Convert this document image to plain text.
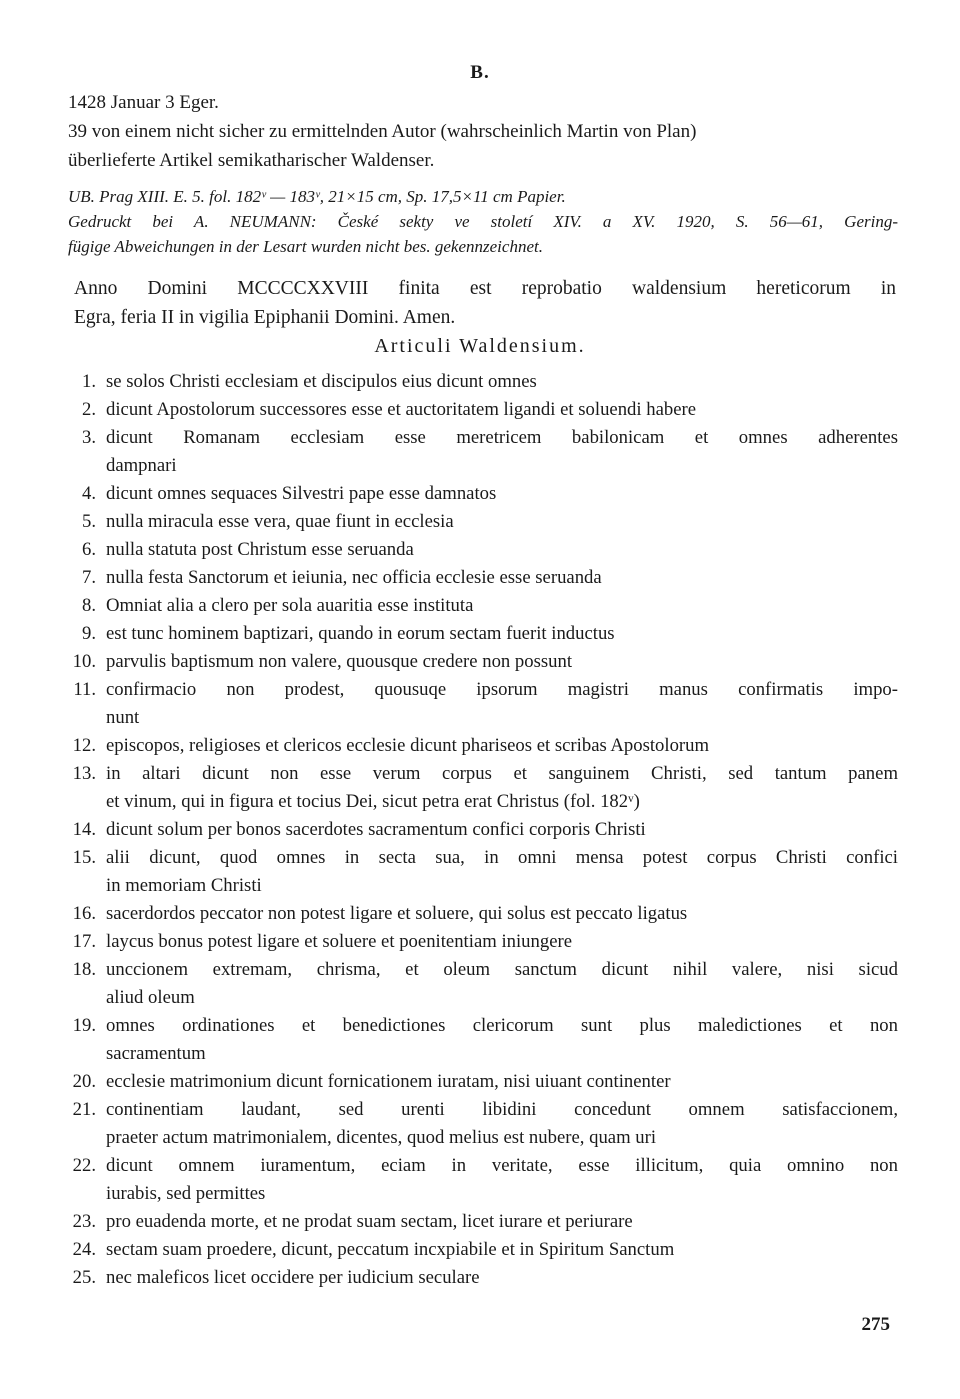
B.
1428 Januar 3 Eger.
39 von einem nicht sicher zu ermittelnden Autor (wahrscheinlich Martin von Plan)
überlieferte Artikel semikatharischer Waldenser.
UB. Prag XIII. E. 5. fol. 182ᵛ — 183ᵛ, 21×15 cm, Sp. 17,5×11 cm Papier.
Gedruckt bei A. NEUMANN: České sekty ve století XIV. a XV. 1920, S. 56—61, Gering-
fügige Abweichungen in der Lesart wurden nicht bes. gekennzeichnet.
Anno Domini MCCCCXXVIII finita est reprobatio waldensium hereticorum in
Egra, feria II in vigilia Epiphanii Domini. Amen.
Articuli Waldensium.
1. se solos Christi ecclesiam et discipulos eius dicunt omnes
2. dicunt Apostolorum successores esse et auctoritatem ligandi et soluendi habere
3. dicunt Romanam ecclesiam esse meretricem babilonicam et omnes adherentes
dampnari
4. dicunt omnes sequaces Silvestri pape esse damnatos
5. nulla miracula esse vera, quae fiunt in ecclesia
6. nulla statuta post Christum esse seruanda
7. nulla festa Sanctorum et ieiunia, nec officia ecclesie esse seruanda
8. Omniat alia a clero per sola auaritia esse instituta
9. est tunc hominem baptizari, quando in eorum sectam fuerit inductus
10. parvulis baptismum non valere, quousque credere non possunt
11. confirmacio non prodest, quousuqe ipsorum magistri manus confirmatis impo-
nunt
12. episcopos, religioses et clericos ecclesie dicunt phariseos et scribas Apostolorum
13. in altari dicunt non esse verum corpus et sanguinem Christi, sed tantum panem
et vinum, qui in figura et tocius Dei, sicut petra erat Christus (fol. 182ᵛ)
14. dicunt solum per bonos sacerdotes sacramentum confici corporis Christi
15. alii dicunt, quod omnes in secta sua, in omni mensa potest corpus Christi confici
in memoriam Christi
16. sacerdordos peccator non potest ligare et soluere, qui solus est peccato ligatus
17. laycus bonus potest ligare et soluere et poenitentiam iniungere
18. unccionem extremam, chrisma, et oleum sanctum dicunt nihil valere, nisi sicud
aliud oleum
19. omnes ordinationes et benedictiones clericorum sunt plus maledictiones et non
sacramentum
20. ecclesie matrimonium dicunt fornicationem iuratam, nisi uiuant continenter
21. continentiam laudant, sed urenti libidini concedunt omnem satisfaccionem,
praeter actum matrimonialem, dicentes, quod melius est nubere, quam uri
22. dicunt omnem iuramentum, eciam in veritate, esse illicitum, quia omnino non
iurabis, sed permittes
23. pro euadenda morte, et ne prodat suam sectam, licet iurare et periurare
24. sectam suam proedere, dicunt, peccatum incxpiabile et in Spiritum Sanctum
25. nec maleficos licet occidere per iudicium seculare
275
